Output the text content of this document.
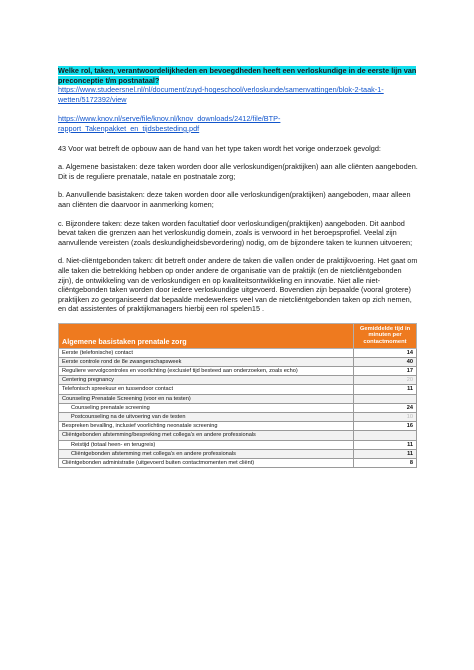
Welke rol, taken, verantwoordelijkheden en bevoegdheden heeft een verloskundige in de eerste lijn van preconceptie t/m postnataal?

https://www.studeersnel.nl/nl/document/zuyd-hogeschool/verloskunde/samenvattingen/blok-2-taak-1-wetten/5172392/view
https://www.knov.nl/serve/file/knov.nl/knov_downloads/2412/file/BTP-rapport_Takenpakket_en_tijdsbesteding.pdf

43 Voor wat betreft de opbouw aan de hand van het type taken wordt het vorige onderzoek gevolgd:

a. Algemene basistaken: deze taken worden door alle verloskundigen(praktijken) aan alle cliënten aangeboden. Dit is de reguliere prenatale, natale en postnatale zorg;

b. Aanvullende basistaken: deze taken worden door alle verloskundigen(praktijken) aangeboden, maar alleen aan cliënten die daarvoor in aanmerking komen;

c. Bijzondere taken: deze taken worden facultatief door verloskundigen(praktijken) aangeboden. Dit aanbod bevat taken die grenzen aan het verloskundig domein, zoals is verwoord in het beroepsprofiel. Veelal zijn aanvullende vereisten (zoals deskundigheidsbevordering) nodig, om de bijzondere taken te kunnen uitvoeren;

d. Niet-cliëntgebonden taken: dit betreft onder andere de taken die vallen onder de praktijkvoering. Het gaat om alle taken die betrekking hebben op onder andere de organisatie van de praktijk (en de nietcliëntgebonden zijn), de ontwikkeling van de verloskundigen en op kwaliteitsontwikkeling en innovatie. Niet alle niet-cliëntgebonden taken worden door iedere verloskundige uitgevoerd. Bovendien zijn bepaalde (vooral grotere) praktijken zo georganiseerd dat bepaalde medewerkers veel van de nietcliëntgebonden taken op zich nemen, en dat assistentes of praktijkmanagers hierbij een rol spelen15 .

Algemene basistaken prenatale zorg	Gemiddelde tijd in minuten per contactmoment
Eerste (telefonische) contact	14
Eerste controle rond de 8e zwangerschapsweek	40
Reguliere vervolgcontroles en voorlichting (exclusief tijd besteed aan onderzoeken, zoals echo)	17
Centering pregnancy	20
Telefonisch spreekuur en tussendoor contact	11
Counseling Prenatale Screening (voor en na testen)	
Counseling prenatale screening	24
Postcounseling na de uitvoering van de testen	10
Bespreken bevalling, inclusief voorlichting neonatale screening	16
Cliëntgebonden afstemming/bespreking met collega's en andere professionals	
Reistijd (totaal heen- en terugreis)	11
Cliëntgebonden afstemming met collega's en andere professionals	11
Cliëntgebonden administratie (uitgevoerd buiten contactmomenten met cliënt)	8
